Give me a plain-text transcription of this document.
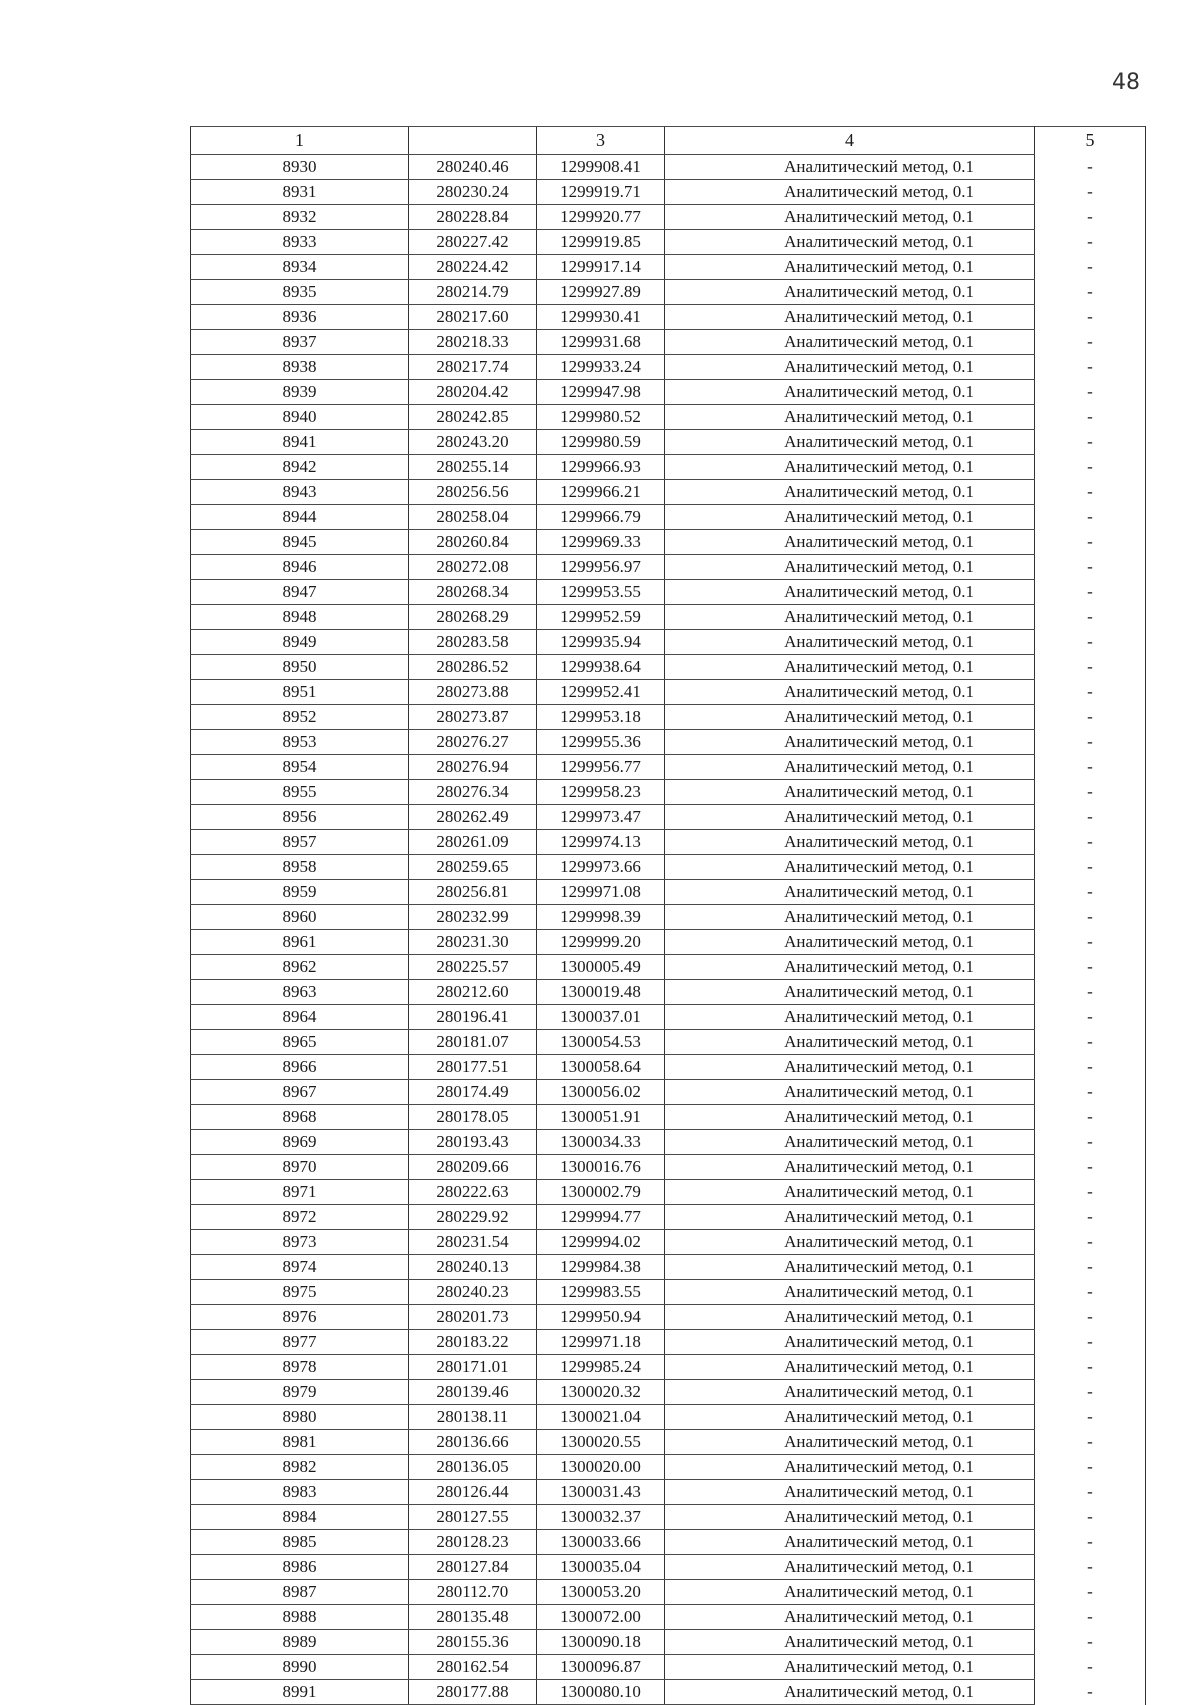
48
1		3	4	5
8930	280240.46	1299908.41	Аналитический метод, 0.1	-
8931	280230.24	1299919.71	Аналитический метод, 0.1	-
8932	280228.84	1299920.77	Аналитический метод, 0.1	-
8933	280227.42	1299919.85	Аналитический метод, 0.1	-
8934	280224.42	1299917.14	Аналитический метод, 0.1	-
8935	280214.79	1299927.89	Аналитический метод, 0.1	-
8936	280217.60	1299930.41	Аналитический метод, 0.1	-
8937	280218.33	1299931.68	Аналитический метод, 0.1	-
8938	280217.74	1299933.24	Аналитический метод, 0.1	-
8939	280204.42	1299947.98	Аналитический метод, 0.1	-
8940	280242.85	1299980.52	Аналитический метод, 0.1	-
8941	280243.20	1299980.59	Аналитический метод, 0.1	-
8942	280255.14	1299966.93	Аналитический метод, 0.1	-
8943	280256.56	1299966.21	Аналитический метод, 0.1	-
8944	280258.04	1299966.79	Аналитический метод, 0.1	-
8945	280260.84	1299969.33	Аналитический метод, 0.1	-
8946	280272.08	1299956.97	Аналитический метод, 0.1	-
8947	280268.34	1299953.55	Аналитический метод, 0.1	-
8948	280268.29	1299952.59	Аналитический метод, 0.1	-
8949	280283.58	1299935.94	Аналитический метод, 0.1	-
8950	280286.52	1299938.64	Аналитический метод, 0.1	-
8951	280273.88	1299952.41	Аналитический метод, 0.1	-
8952	280273.87	1299953.18	Аналитический метод, 0.1	-
8953	280276.27	1299955.36	Аналитический метод, 0.1	-
8954	280276.94	1299956.77	Аналитический метод, 0.1	-
8955	280276.34	1299958.23	Аналитический метод, 0.1	-
8956	280262.49	1299973.47	Аналитический метод, 0.1	-
8957	280261.09	1299974.13	Аналитический метод, 0.1	-
8958	280259.65	1299973.66	Аналитический метод, 0.1	-
8959	280256.81	1299971.08	Аналитический метод, 0.1	-
8960	280232.99	1299998.39	Аналитический метод, 0.1	-
8961	280231.30	1299999.20	Аналитический метод, 0.1	-
8962	280225.57	1300005.49	Аналитический метод, 0.1	-
8963	280212.60	1300019.48	Аналитический метод, 0.1	-
8964	280196.41	1300037.01	Аналитический метод, 0.1	-
8965	280181.07	1300054.53	Аналитический метод, 0.1	-
8966	280177.51	1300058.64	Аналитический метод, 0.1	-
8967	280174.49	1300056.02	Аналитический метод, 0.1	-
8968	280178.05	1300051.91	Аналитический метод, 0.1	-
8969	280193.43	1300034.33	Аналитический метод, 0.1	-
8970	280209.66	1300016.76	Аналитический метод, 0.1	-
8971	280222.63	1300002.79	Аналитический метод, 0.1	-
8972	280229.92	1299994.77	Аналитический метод, 0.1	-
8973	280231.54	1299994.02	Аналитический метод, 0.1	-
8974	280240.13	1299984.38	Аналитический метод, 0.1	-
8975	280240.23	1299983.55	Аналитический метод, 0.1	-
8976	280201.73	1299950.94	Аналитический метод, 0.1	-
8977	280183.22	1299971.18	Аналитический метод, 0.1	-
8978	280171.01	1299985.24	Аналитический метод, 0.1	-
8979	280139.46	1300020.32	Аналитический метод, 0.1	-
8980	280138.11	1300021.04	Аналитический метод, 0.1	-
8981	280136.66	1300020.55	Аналитический метод, 0.1	-
8982	280136.05	1300020.00	Аналитический метод, 0.1	-
8983	280126.44	1300031.43	Аналитический метод, 0.1	-
8984	280127.55	1300032.37	Аналитический метод, 0.1	-
8985	280128.23	1300033.66	Аналитический метод, 0.1	-
8986	280127.84	1300035.04	Аналитический метод, 0.1	-
8987	280112.70	1300053.20	Аналитический метод, 0.1	-
8988	280135.48	1300072.00	Аналитический метод, 0.1	-
8989	280155.36	1300090.18	Аналитический метод, 0.1	-
8990	280162.54	1300096.87	Аналитический метод, 0.1	-
8991	280177.88	1300080.10	Аналитический метод, 0.1	-
